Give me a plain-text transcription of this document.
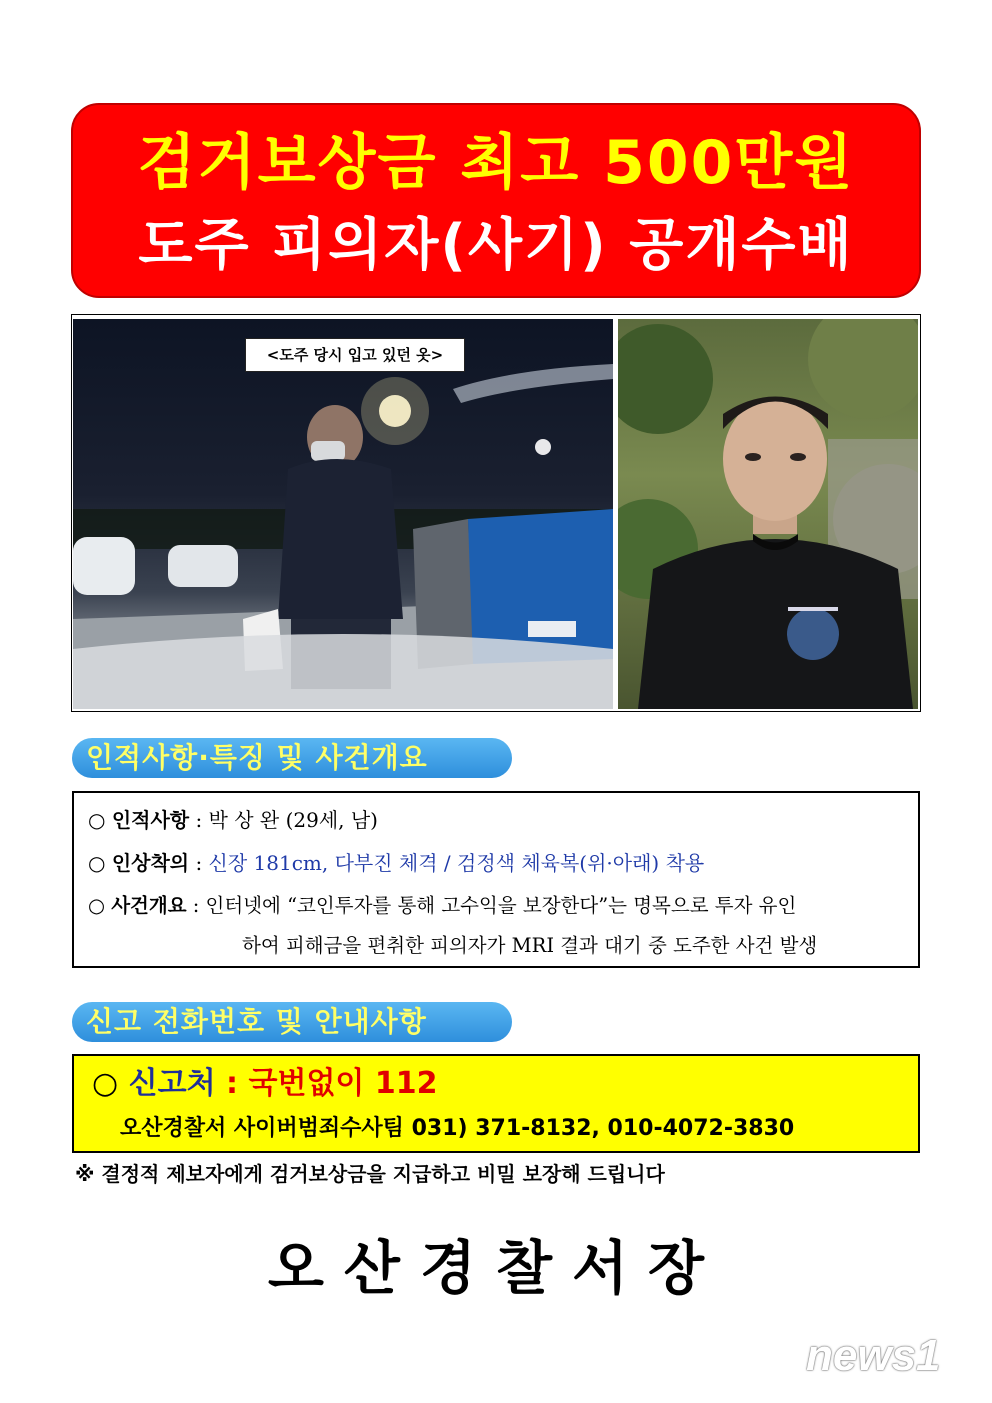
검거보상금 최고 500만원
도주 피의자(사기) 공개수배
<도주 당시 입고 있던 옷>
인적사항·특징 및 사건개요
○ 인적사항 : 박 상 완 (29세, 남)
○ 인상착의 : 신장 181cm, 다부진 체격 / 검정색 체육복(위·아래) 착용
○ 사건개요 : 인터넷에 “코인투자를 통해 고수익을 보장한다”는 명목으로 투자 유인
하여 피해금을 편취한 피의자가 MRI 결과 대기 중 도주한 사건 발생
신고 전화번호 및 안내사항
○ 신고처 : 국번없이 112
오산경찰서 사이버범죄수사팀 031) 371-8132, 010-4072-3830
※ 결정적 제보자에게 검거보상금을 지급하고 비밀 보장해 드립니다
오산경찰서장
news1
